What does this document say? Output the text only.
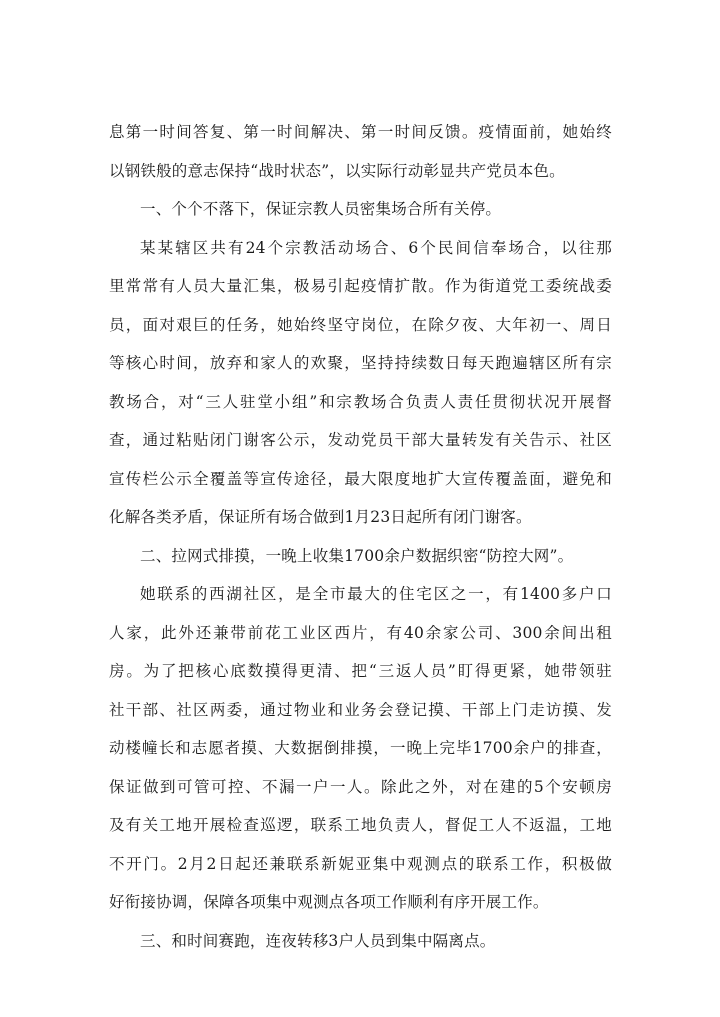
息第一时间答复、第一时间解决、第一时间反馈。疫情面前，她始终
以钢铁般的意志保持“战时状态”，以实际行动彰显共产党员本色。

一、个个不落下，保证宗教人员密集场合所有关停。

某某辖区共有24个宗教活动场合、6个民间信奉场合，以往那
里常常有人员大量汇集，极易引起疫情扩散。作为街道党工委统战委
员，面对艰巨的任务，她始终坚守岗位，在除夕夜、大年初一、周日
等核心时间，放弃和家人的欢聚，坚持持续数日每天跑遍辖区所有宗
教场合，对“三人驻堂小组”和宗教场合负责人责任贯彻状况开展督
查，通过粘贴闭门谢客公示，发动党员干部大量转发有关告示、社区
宣传栏公示全覆盖等宣传途径，最大限度地扩大宣传覆盖面，避免和
化解各类矛盾，保证所有场合做到1月23日起所有闭门谢客。

二、拉网式排摸，一晚上收集1700余户数据织密“防控大网”。

她联系的西湖社区，是全市最大的住宅区之一，有1400多户口
人家，此外还兼带前花工业区西片，有40余家公司、300余间出租
房。为了把核心底数摸得更清、把“三返人员”盯得更紧，她带领驻
社干部、社区两委，通过物业和业务会登记摸、干部上门走访摸、发
动楼幢长和志愿者摸、大数据倒排摸，一晚上完毕1700余户的排查，
保证做到可管可控、不漏一户一人。除此之外，对在建的5个安顿房
及有关工地开展检查巡逻，联系工地负责人，督促工人不返温，工地
不开门。2月2日起还兼联系新妮亚集中观测点的联系工作，积极做
好衔接协调，保障各项集中观测点各项工作顺利有序开展工作。

三、和时间赛跑，连夜转移3户人员到集中隔离点。
